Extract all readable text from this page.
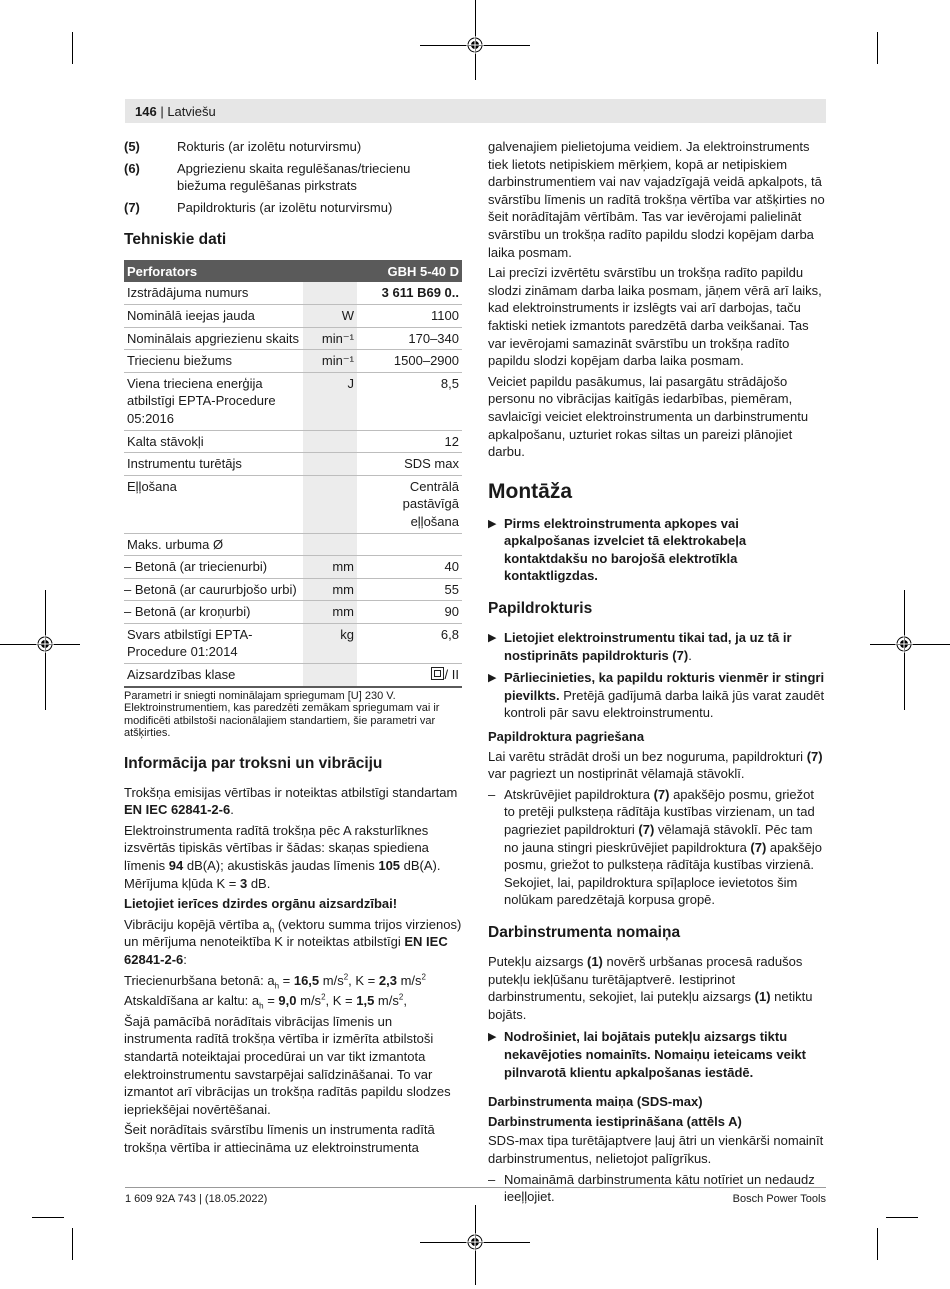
146 | Latviešu
(5)	Rokturis (ar izolētu noturvirsmu)
(6)	Apgriezienu skaita regulēšanas/triecienu biežuma regulēšanas pirkstrats
(7)	Papildrokturis (ar izolētu noturvirsmu)
Tehniskie dati
Perforators		GBH 5-40 D
Izstrādājuma numurs		3 611 B69 0..
Nominālā ieejas jauda	W	1100
Nominālais apgriezienu skaits	min⁻¹	170–340
Triecienu biežums	min⁻¹	1500–2900
Viena trieciena enerģija atbilstīgi EPTA-Procedure 05:2016	J	8,5
Kalta stāvokļi		12
Instrumentu turētājs		SDS max
Eļļošana		Centrālā pastāvīgā eļļošana
Maks. urbuma Ø		
– Betonā (ar triecienurbi)	mm	40
– Betonā (ar caururbjošo urbi)	mm	55
– Betonā (ar kroņurbi)	mm	90
Svars atbilstīgi EPTA-Procedure 01:2014	kg	6,8
Aizsardzības klase		/ II
Parametri ir sniegti nominālajam spriegumam [U] 230 V. Elektroinstrumentiem, kas paredzēti zemākam spriegumam vai ir modificēti atbilstoši nacionālajiem standartiem, šie parametri var atšķirties.
Informācija par troksni un vibrāciju

Trokšņa emisijas vērtības ir noteiktas atbilstīgi standartam EN IEC 62841-2-6.

Elektroinstrumenta radītā trokšņa pēc A raksturlīknes izsvērtās tipiskās vērtības ir šādas: skaņas spiediena līmenis 94 dB(A); akustiskās jaudas līmenis 105 dB(A). Mērījuma kļūda K = 3 dB.

Lietojiet ierīces dzirdes orgānu aizsardzībai!

Vibrāciju kopējā vērtība $a_h$ (vektoru summa trijos virzienos) un mērījuma nenoteiktība K ir noteiktas atbilstīgi EN IEC 62841-2-6:

Triecienurbšana betonā: $a_h = 16,5$ $m/s^2$, K = 2,3 $m/s^2$

Atskaldīšana ar kaltu: $a_h = 9,0$ $m/s^2$, K = 1,5 $m/s^2$,

Šajā pamācībā norādītais vibrācijas līmenis un instrumenta radītā trokšņa vērtība ir izmērīta atbilstoši standartā noteiktajai procedūrai un var tikt izmantota elektroinstrumentu savstarpējai salīdzināšanai. To var izmantot arī vibrācijas un trokšņa radītās papildu slodzes iepriekšējai novērtēšanai.

Šeit norādītais svārstību līmenis un instrumenta radītā trokšņa vērtība ir attiecināma uz elektroinstrumenta

galvenajiem pielietojuma veidiem. Ja elektroinstruments tiek lietots netipiskiem mērķiem, kopā ar netipiskiem darbinstrumentiem vai nav vajadzīgajā veidā apkalpots, tā svārstību līmenis un radītā trokšņa vērtība var atšķirties no šeit norādītajām vērtībām. Tas var ievērojami palielināt svārstību un trokšņa radīto papildu slodzi kopējam darba laika posmam.

Lai precīzi izvērtētu svārstību un trokšņa radīto papildu slodzi zināmam darba laika posmam, jāņem vērā arī laiks, kad elektroinstruments ir izslēgts vai arī darbojas, taču faktiski netiek izmantots paredzētā darba veikšanai. Tas var ievērojami samazināt svārstību un trokšņa radīto papildu slodzi kopējam darba laika posmam.

Veiciet papildu pasākumus, lai pasargātu strādājošo personu no vibrācijas kaitīgās iedarbības, piemēram, savlaicīgi veiciet elektroinstrumenta un darbinstrumentu apkalpošanu, uzturiet rokas siltas un pareizi plānojiet darbu.

Montāža
▶ Pirms elektroinstrumenta apkopes vai apkalpošanas izvelciet tā elektrokabeļa kontaktdakšu no barojošā elektrotīkla kontaktligzdas.
Papildrokturis
▶ Lietojiet elektroinstrumentu tikai tad, ja uz tā ir nostiprināts papildrokturis (7).
▶ Pārliecinieties, ka papildu rokturis vienmēr ir stingri pievilkts. Pretējā gadījumā darba laikā jūs varat zaudēt kontroli pār savu elektroinstrumentu.
Papildroktura pagriešana

Lai varētu strādāt droši un bez noguruma, papildrokturi (7) var pagriezt un nostiprināt vēlamajā stāvoklī.

– Atskrūvējiet papildroktura (7) apakšējo posmu, griežot to pretēji pulksteņa rādītāja kustības virzienam, un tad pagrieziet papildrokturi (7) vēlamajā stāvoklī. Pēc tam no jauna stingri pieskrūvējiet papildroktura (7) apakšējo posmu, griežot to pulksteņa rādītāja kustības virzienā. Sekojiet, lai, papildroktura spīļaploce ievietotos šim nolūkam paredzētajā korpusa gropē.
Darbinstrumenta nomaiņa

Putekļu aizsargs (1) novērš urbšanas procesā radušos putekļu iekļūšanu turētājaptverē. Iestiprinot darbinstrumentu, sekojiet, lai putekļu aizsargs (1) netiktu bojāts.

▶ Nodrošiniet, lai bojātais putekļu aizsargs tiktu nekavējoties nomainīts. Nomaiņu ieteicams veikt pilnvarotā klientu apkalpošanas iestādē.
Darbinstrumenta maiņa (SDS-max)
Darbinstrumenta iestiprināšana (attēls A)

SDS-max tipa turētājaptvere ļauj ātri un vienkārši nomainīt darbinstrumentus, nelietojot palīgrīkus.

– Nomaināmā darbinstrumenta kātu notīriet un nedaudz ieeļļojiet.
1 609 92A 743 | (18.05.2022)	Bosch Power Tools
